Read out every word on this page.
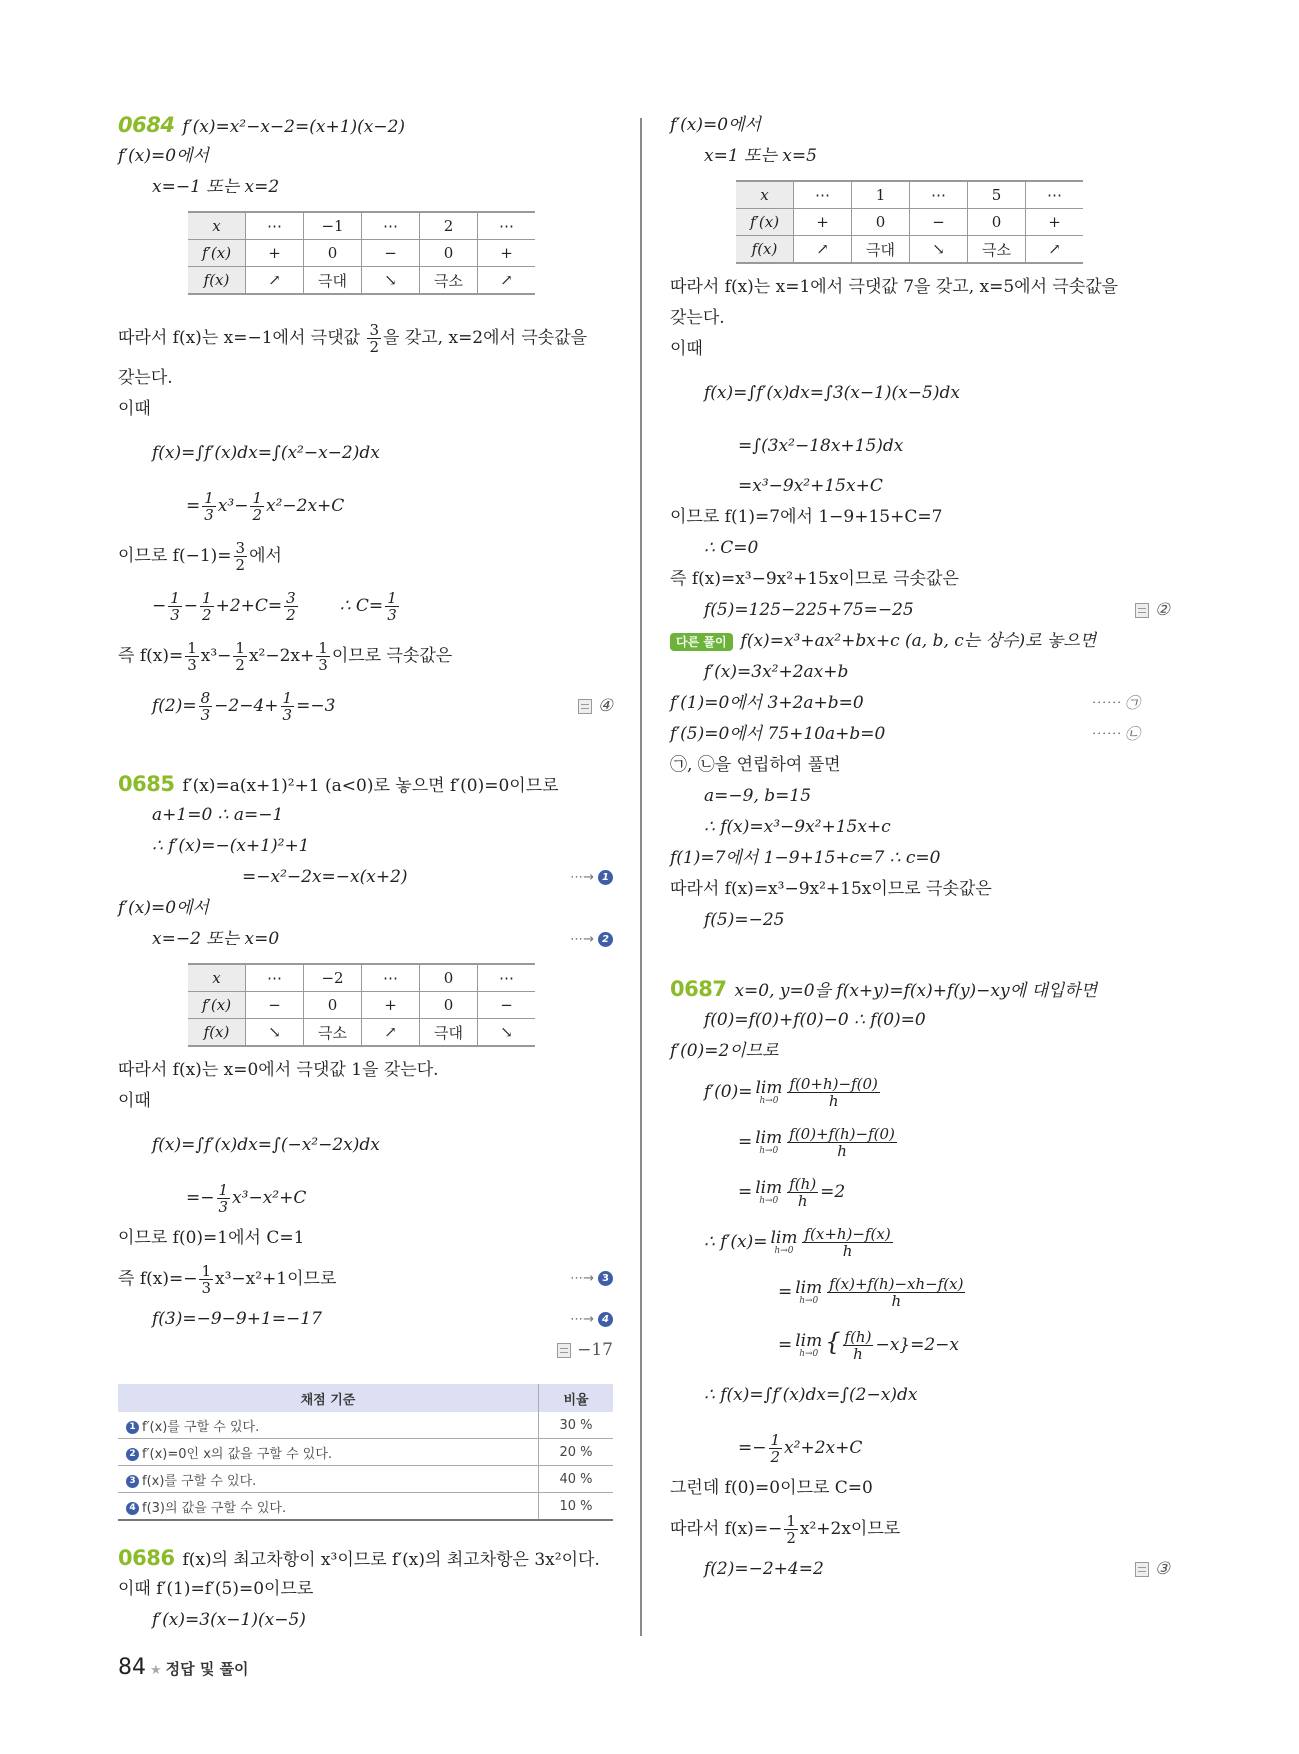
0684 f′(x)=x²−x−2=(x+1)(x−2)
f′(x)=0에서
x=−1 또는 x=2
x	⋯	−1	⋯	2	⋯
f′(x)	+	0	−	0	+
f(x)	↗	극대	↘	극소	↗
따라서 f(x)는 x=−1에서 극댓값 $\frac{3}{2}$ 을 갖고, x=2에서 극솟값을
갖는다.
이때
f(x)=∫f′(x)dx=∫(x²−x−2)dx
= $\frac{1}{3} x^3- \frac{1}{2} x^2-2x+C$
이므로 $f(-1)= \frac{3}{2}$ 에서
− $\frac{1}{3} - \frac{1}{2} +2+C= \frac{3}{2}$ ∴ $C= \frac{1}{3}$
즉 $f(x)= \frac{1}{3} x^3- \frac{1}{2} x^2-2x+ \frac{1}{3}$ 이므로 극솟값은
$f(2)= \frac{8}{3} -2-4+ \frac{1}{3} =-3$	④
0685 f′(x)=a(x+1)²+1 (a<0)로 놓으면 f′(0)=0이므로
a+1=0 ∴ a=−1
∴ f′(x)=−(x+1)²+1
=−x²−2x=−x(x+2)	⋯→ 1
f′(x)=0에서
x=−2 또는 x=0	⋯→ 2
x	⋯	−2	⋯	0	⋯
f′(x)	−	0	+	0	−
f(x)	↘	극소	↗	극대	↘
따라서 f(x)는 x=0에서 극댓값 1을 갖는다.
이때
f(x)=∫f′(x)dx=∫(−x²−2x)dx
=− $\frac{1}{3} x^3-x^2+C$
이므로 f(0)=1에서 C=1
즉 $f(x)=- \frac{1}{3} x^3-x^2+1$이므로	⋯→ 3
f(3)=−9−9+1=−17	⋯→ 4
−17
채점 기준	비율
1 f′(x)를 구할 수 있다.	30 %
2 f′(x)=0인 x의 값을 구할 수 있다.	20 %
3 f(x)를 구할 수 있다.	40 %
4 f(3)의 값을 구할 수 있다.	10 %
0686 f(x)의 최고차항이 x³이므로 f′(x)의 최고차항은 3x²이다.
이때 f′(1)=f′(5)=0이므로
f′(x)=3(x−1)(x−5)
f′(x)=0에서
x=1 또는 x=5
x	⋯	1	⋯	5	⋯
f′(x)	+	0	−	0	+
f(x)	↗	극대	↘	극소	↗
따라서 f(x)는 x=1에서 극댓값 7을 갖고, x=5에서 극솟값을
갖는다.
이때
f(x)=∫f′(x)dx=∫3(x−1)(x−5)dx
=∫(3x²−18x+15)dx
=x³−9x²+15x+C
이므로 f(1)=7에서 1−9+15+C=7
∴ C=0
즉 f(x)=x³−9x²+15x이므로 극솟값은
f(5)=125−225+75=−25	②
다른 풀이 f(x)=x³+ax²+bx+c (a, b, c는 상수)로 놓으면
f′(x)=3x²+2ax+b
f′(1)=0에서 3+2a+b=0	⋯⋯ ㉠
f′(5)=0에서 75+10a+b=0	⋯⋯ ㉡
㉠, ㉡을 연립하여 풀면
a=−9, b=15
∴ f(x)=x³−9x²+15x+c
f(1)=7에서 1−9+15+c=7 ∴ c=0
따라서 f(x)=x³−9x²+15x이므로 극솟값은
f(5)=−25
0687 x=0, y=0을 f(x+y)=f(x)+f(y)−xy에 대입하면
f(0)=f(0)+f(0)−0 ∴ f(0)=0
f′(0)=2이므로
f′(0)= lim
$h\to 0 \frac{f(0+h)-f(0)}{h}$
= lim
$h\to 0 \frac{f(0)+f(h)-f(0)}{h}$
= lim
$h\to 0 \frac{f(h)}{h} =2$
∴ f′(x)= lim
$h\to 0 \frac{f(x+h)-f(x)}{h}$
= lim
$h\to 0 \frac{f(x)+f(h)-xh-f(x)}{h}$
= lim
h→0 { $\frac{f(h)}{h} -x\}=2-x$
∴ f(x)=∫f′(x)dx=∫(2−x)dx
=− $\frac{1}{2} x^2+2x+C$
그런데 f(0)=0이므로 C=0
따라서 $f(x)=- \frac{1}{2} x^2+2x$이므로
f(2)=−2+4=2	③
84 ★ 정답 및 풀이
